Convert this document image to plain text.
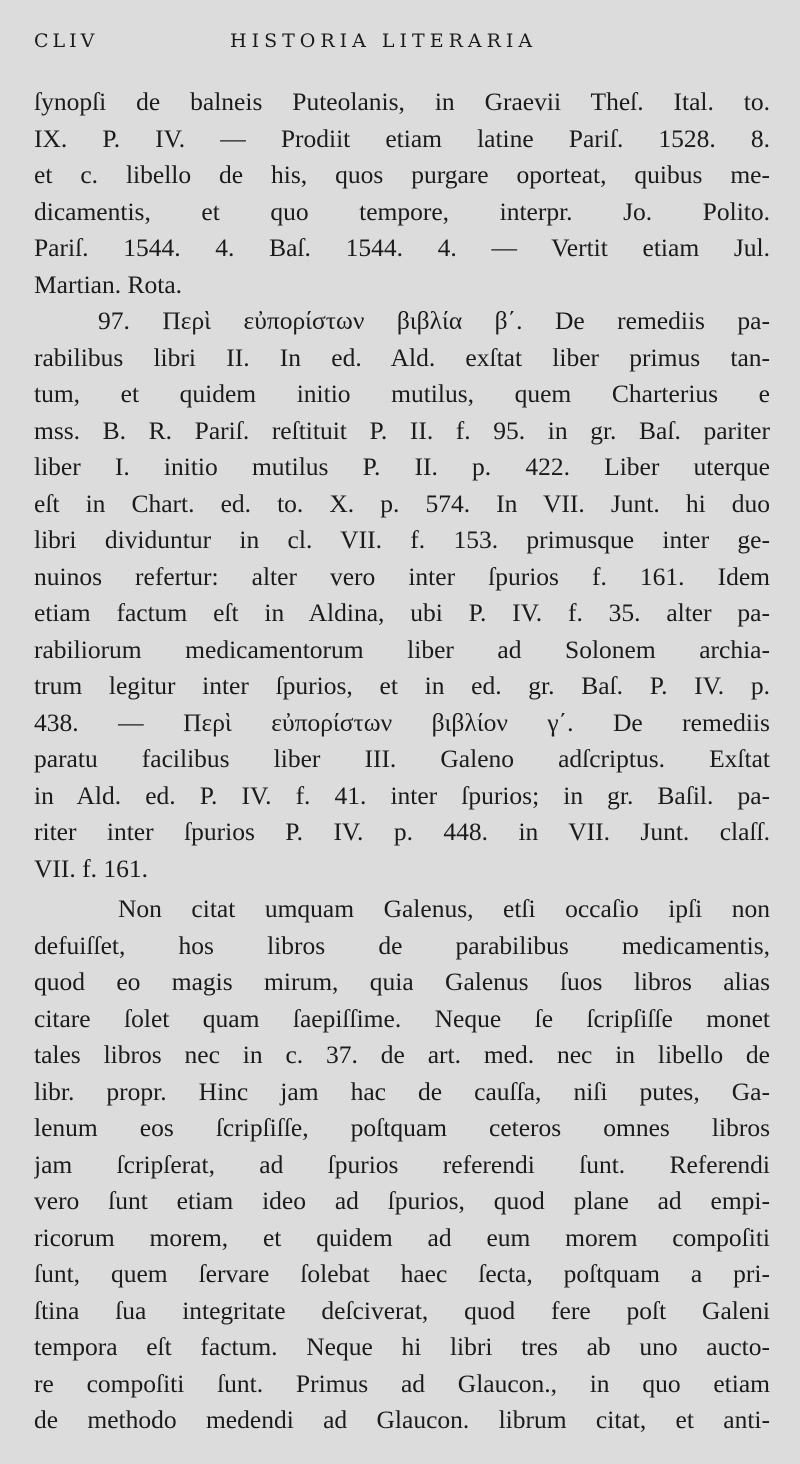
CLIV	HISTORIA LITERARIA
ſynopſi de balneis Puteolanis, in Graevii Theſ. Ital. to.
IX. P. IV. — Prodiit etiam latine Pariſ. 1528. 8.
et c. libello de his, quos purgare oporteat, quibus me-
dicamentis, et quo tempore, interpr. Jo. Polito.
Pariſ. 1544. 4. Baſ. 1544. 4. — Vertit etiam Jul.
Martian. Rota.
97. Περὶ εὐπορίστων βιβλία β΄. De remediis pa-
rabilibus libri II. In ed. Ald. exſtat liber primus tan-
tum, et quidem initio mutilus, quem Charterius e
mss. B. R. Pariſ. reſtituit P. II. f. 95. in gr. Baſ. pariter
liber I. initio mutilus P. II. p. 422. Liber uterque
eſt in Chart. ed. to. X. p. 574. In VII. Junt. hi duo
libri dividuntur in cl. VII. f. 153. primusque inter ge-
nuinos refertur: alter vero inter ſpurios f. 161. Idem
etiam factum eſt in Aldina, ubi P. IV. f. 35. alter pa-
rabiliorum medicamentorum liber ad Solonem archia-
trum legitur inter ſpurios, et in ed. gr. Baſ. P. IV. p.
438. — Περὶ εὐπορίστων βιβλίον γ΄. De remediis
paratu facilibus liber III. Galeno adſcriptus. Exſtat
in Ald. ed. P. IV. f. 41. inter ſpurios; in gr. Baſil. pa-
riter inter ſpurios P. IV. p. 448. in VII. Junt. claſſ.
VII. f. 161.
Non citat umquam Galenus, etſi occaſio ipſi non
defuiſſet, hos libros de parabilibus medicamentis,
quod eo magis mirum, quia Galenus ſuos libros alias
citare ſolet quam ſaepiſſime. Neque ſe ſcripſiſſe monet
tales libros nec in c. 37. de art. med. nec in libello de
libr. propr. Hinc jam hac de cauſſa, niſi putes, Ga-
lenum eos ſcripſiſſe, poſtquam ceteros omnes libros
jam ſcripſerat, ad ſpurios referendi ſunt. Referendi
vero ſunt etiam ideo ad ſpurios, quod plane ad empi-
ricorum morem, et quidem ad eum morem compoſiti
ſunt, quem ſervare ſolebat haec ſecta, poſtquam a pri-
ſtina ſua integritate deſciverat, quod fere poſt Galeni
tempora eſt factum. Neque hi libri tres ab uno aucto-
re compoſiti ſunt. Primus ad Glaucon., in quo etiam
de methodo medendi ad Glaucon. librum citat, et anti-
